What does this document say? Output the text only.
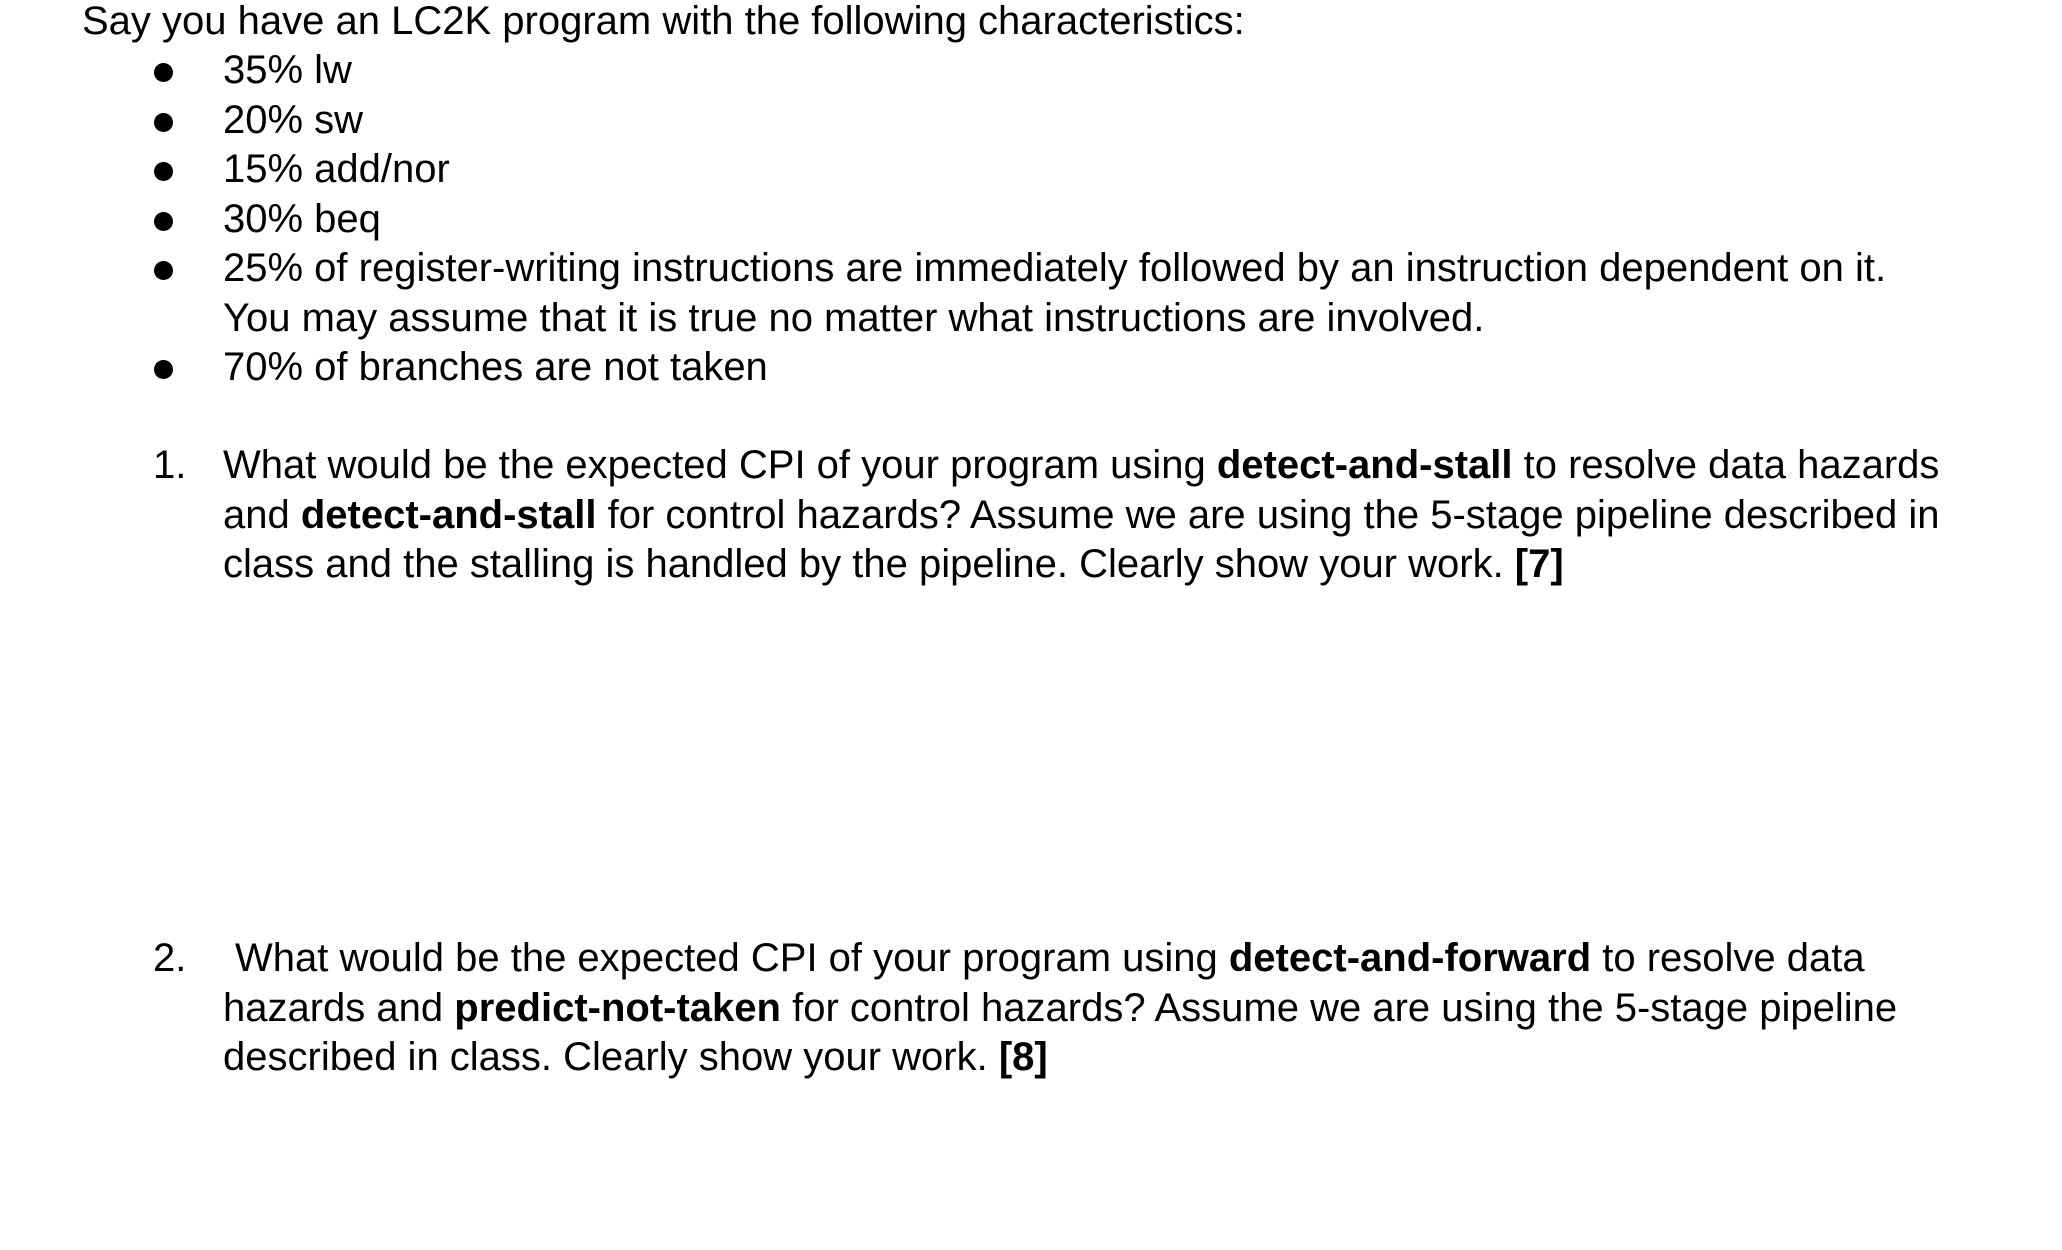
Say you have an LC2K program with the following characteristics:
35% lw
20% sw
15% add/nor
30% beq
25% of register-writing instructions are immediately followed by an instruction dependent on it. You may assume that it is true no matter what instructions are involved.
70% of branches are not taken
1. What would be the expected CPI of your program using detect-and-stall to resolve data hazards and detect-and-stall for control hazards? Assume we are using the 5-stage pipeline described in class and the stalling is handled by the pipeline. Clearly show your work. [7]
2.	What would be the expected CPI of your program using detect-and-forward to resolve data hazards and predict-not-taken for control hazards? Assume we are using the 5-stage pipeline described in class. Clearly show your work. [8]
